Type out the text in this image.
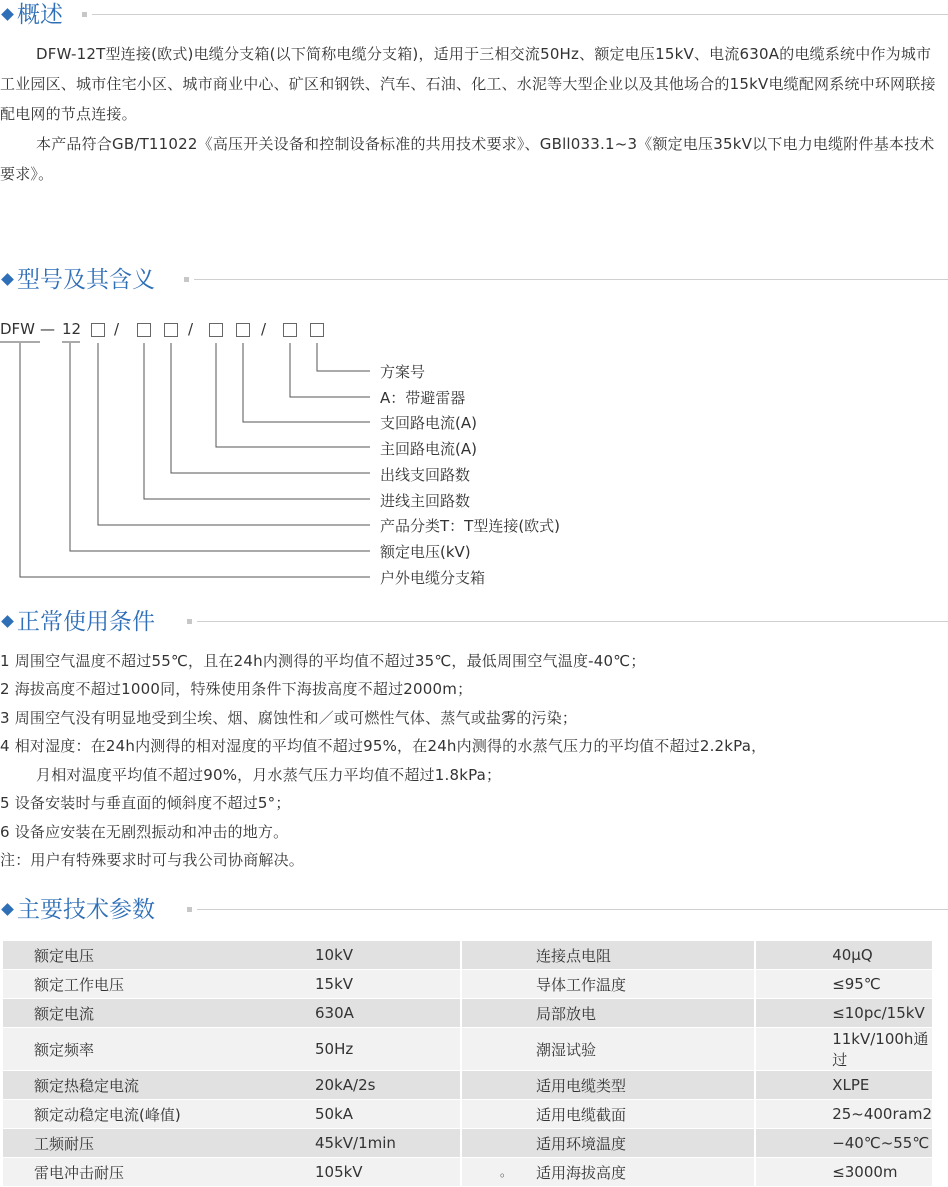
概述

DFW-12T型连接(欧式)电缆分支箱(以下简称电缆分支箱)，适用于三相交流50Hz、额定电压15kV、电流630A的电缆系统中作为城市工业园区、城市住宅小区、城市商业中心、矿区和钢铁、汽车、石油、化工、水泥等大型企业以及其他场合的15kV电缆配网系统中环网联接配电网的节点连接。

本产品符合GB/T11022《高压开关设备和控制设备标准的共用技术要求》、GBll033.1~3《额定电压35kV以下电力电缆附件基本技术要求》。

型号及其含义
DFW — 12 /	/	/
方案号
A：带避雷器
支回路电流(A)
主回路电流(A)
出线支回路数
进线主回路数
产品分类T：T型连接(欧式)
额定电压(kV)
户外电缆分支箱
正常使用条件
1 周围空气温度不超过55℃，且在24h内测得的平均值不超过35℃，最低周围空气温度-40℃；
2 海拔高度不超过1000同，特殊使用条件下海拔高度不超过2000m；
3 周围空气没有明显地受到尘埃、烟、腐蚀性和／或可燃性气体、蒸气或盐雾的污染；
4 相对湿度：在24h内测得的相对湿度的平均值不超过95%，在24h内测得的水蒸气压力的平均值不超过2.2kPa，
月相对温度平均值不超过90%，月水蒸气压力平均值不超过1.8kPa；
5 设备安装时与垂直面的倾斜度不超过5°；
6 设备应安装在无剧烈振动和冲击的地方。
注：用户有特殊要求时可与我公司协商解决。
主要技术参数
额定电压	10kV	连接点电阻	40μQ
额定工作电压	15kV	导体工作温度	≤95℃
额定电流	630A	局部放电	≤10pc/15kV
额定频率	50Hz	潮湿试验	11kV/100h通过
额定热稳定电流	20kA/2s	适用电缆类型	XLPE
额定动稳定电流(峰值)	50kA	适用电缆截面	25~400ram2
工频耐压	45kV/1min	适用环境温度	−40℃~55℃
雷电冲击耐压	105kV	适用海拔高度	≤3000m
。
